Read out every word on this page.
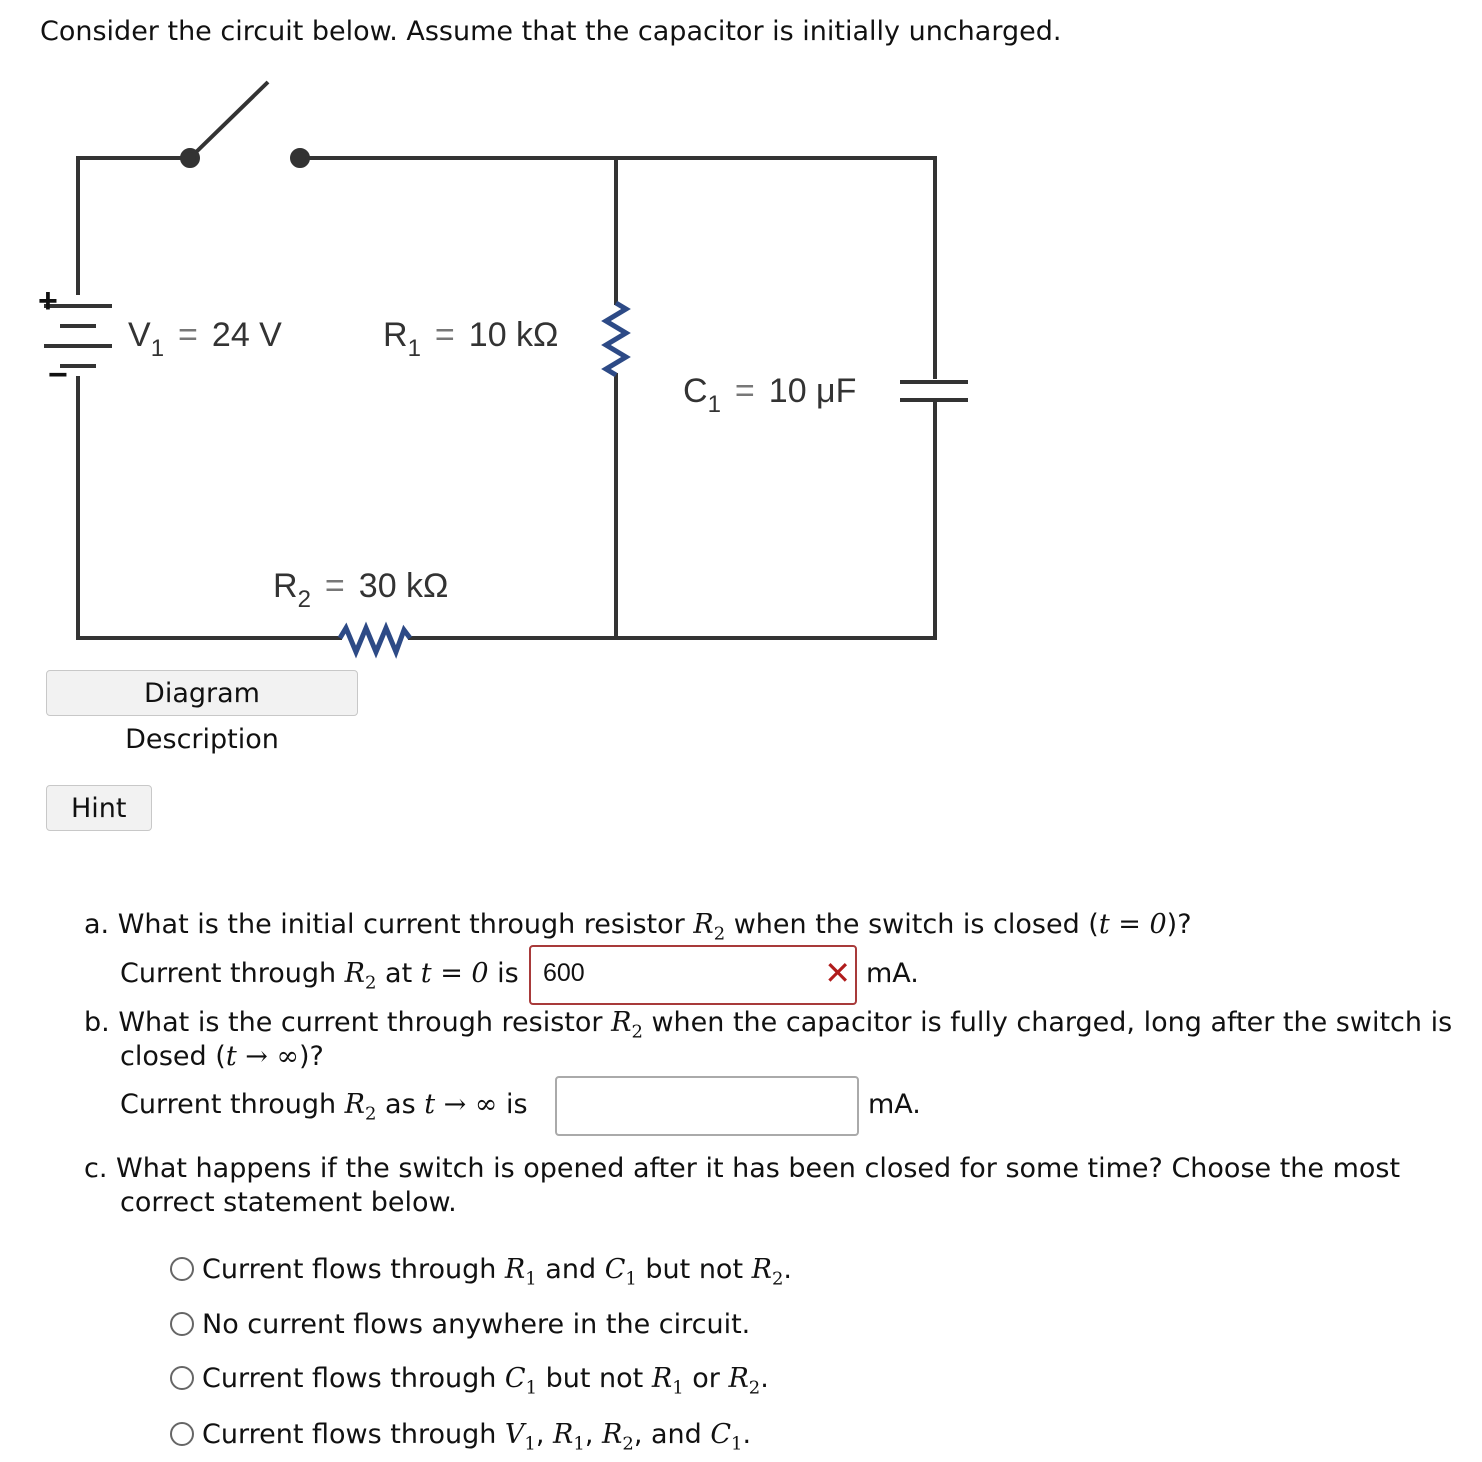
Consider the circuit below. Assume that the capacitor is initially uncharged.
+
−
$V_1 = 24$ V	$R_1 = 10$ kΩ
$C_1 = 10$ μF
$R_2 = 30$ kΩ
Diagram Description
Hint
a. What is the initial current through resistor $R_2$ when the switch is closed (t = 0)?
Current through $R_2$ at t = 0 is 600	✕ mA.
b. What is the current through resistor $R_2$ when the capacitor is fully charged, long after the switch is
closed (t → ∞)?
Current through $R_2$ as t → ∞ is	mA.
c. What happens if the switch is opened after it has been closed for some time? Choose the most
correct statement below.
Current flows through $R_1$ and $C_1$ but not $R_2$.
No current flows anywhere in the circuit.
Current flows through $C_1$ but not $R_1$ or $R_2$.
Current flows through $V_1$, $R_1$, $R_2$, and $C_1$.
